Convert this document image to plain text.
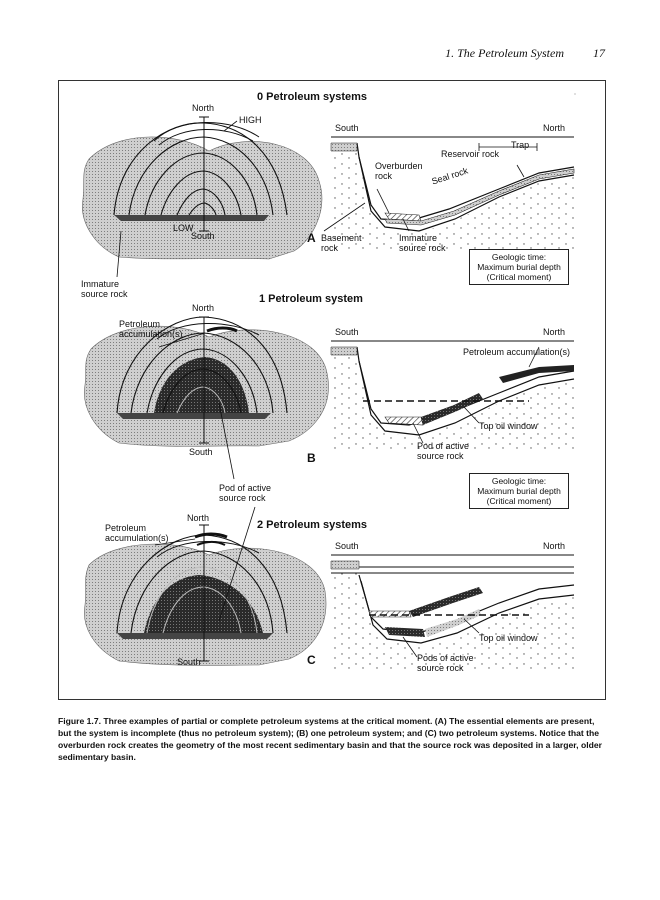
1. The Petroleum System 17
0 Petroleum systems
1 Petroleum system
2 Petroleum systems
A
B
C
North
HIGH
LOW
South
Immature source rock
South	North
Trap
Reservoir rock
Overburden rock	Seal rock
Basement rock
Immature source rock
Geologic time:
Maximum burial depth
(Critical moment)
North
Petroleum accumulation(s)
South
Pod of active source rock
South	North
Petroleum accumulation(s)
Top oil window
Pod of active source rock
Geologic time:
Maximum burial depth
(Critical moment)
North
Petroleum accumulation(s)
South
South	North
Top oil window
Pods of active source rock
Figure 1.7. Three examples of partial or complete petroleum systems at the critical moment. (A) The essential elements are present, but the system is incomplete (thus no petroleum system); (B) one petroleum system; and (C) two petroleum systems. Notice that the overburden rock creates the geometry of the most recent sedimentary basin and that the source rock was deposited in a larger, older sedimentary basin.
